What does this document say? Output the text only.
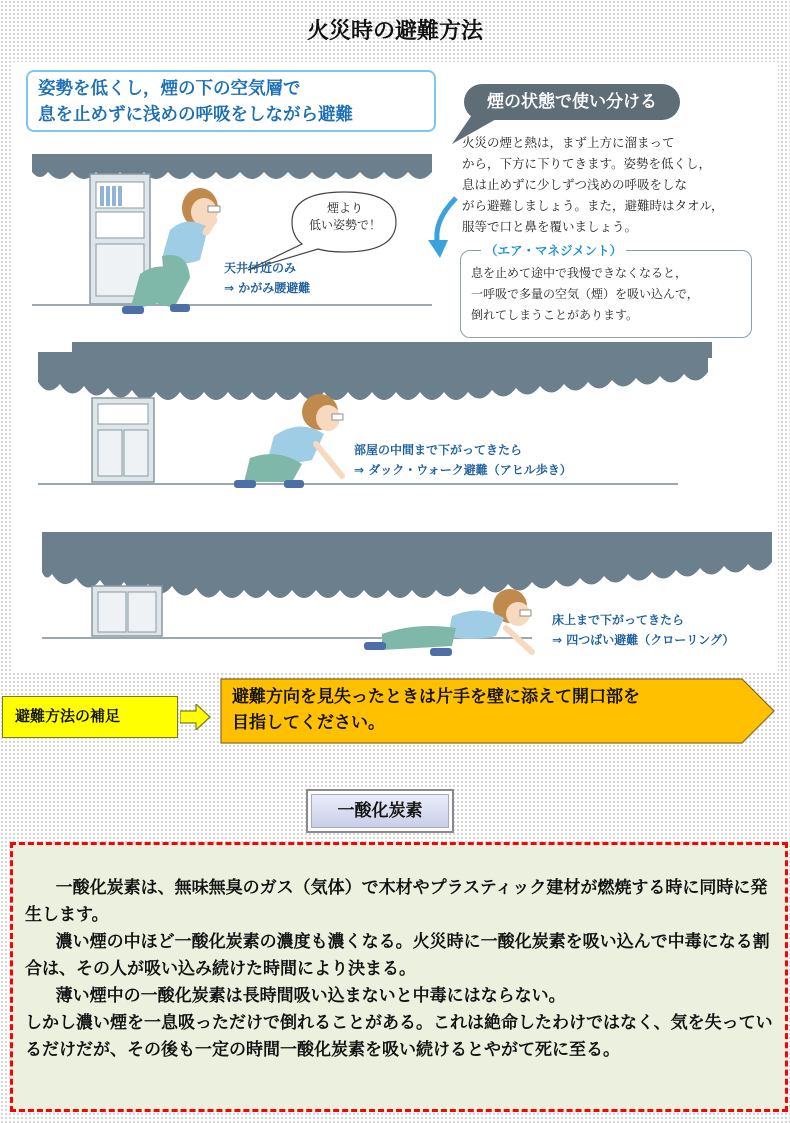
火災時の避難方法
姿勢を低くし，煙の下の空気層で
息を止めずに浅めの呼吸をしながら避難
煙の状態で使い分ける
火災の煙と熱は，まず上方に溜まって
から，下方に下りてきます。姿勢を低くし，
息は止めずに少しずつ浅めの呼吸をしな
がら避難しましょう。また，避難時はタオル，
服等で口と鼻を覆いましょう。
（エア・マネジメント）
息を止めて途中で我慢できなくなると，
一呼吸で多量の空気（煙）を吸い込んで，
倒れてしまうことがあります。
煙より
低い姿勢で！
天井付近のみ
⇒ かがみ腰避難
部屋の中間まで下がってきたら
⇒ ダック・ウォーク避難（アヒル歩き）
床上まで下がってきたら
⇒ 四つばい避難（クローリング）
避難方法の補足
避難方向を見失ったときは片手を壁に添えて開口部を
目指してください。
一酸化炭素

一酸化炭素は、無味無臭のガス（気体）で木材やプラスティック建材が燃焼する時に同時に発生します。

濃い煙の中ほど一酸化炭素の濃度も濃くなる。火災時に一酸化炭素を吸い込んで中毒になる割合は、その人が吸い込み続けた時間により決まる。

薄い煙中の一酸化炭素は長時間吸い込まないと中毒にはならない。

しかし濃い煙を一息吸っただけで倒れることがある。これは絶命したわけではなく、気を失っているだけだが、その後も一定の時間一酸化炭素を吸い続けるとやがて死に至る。
